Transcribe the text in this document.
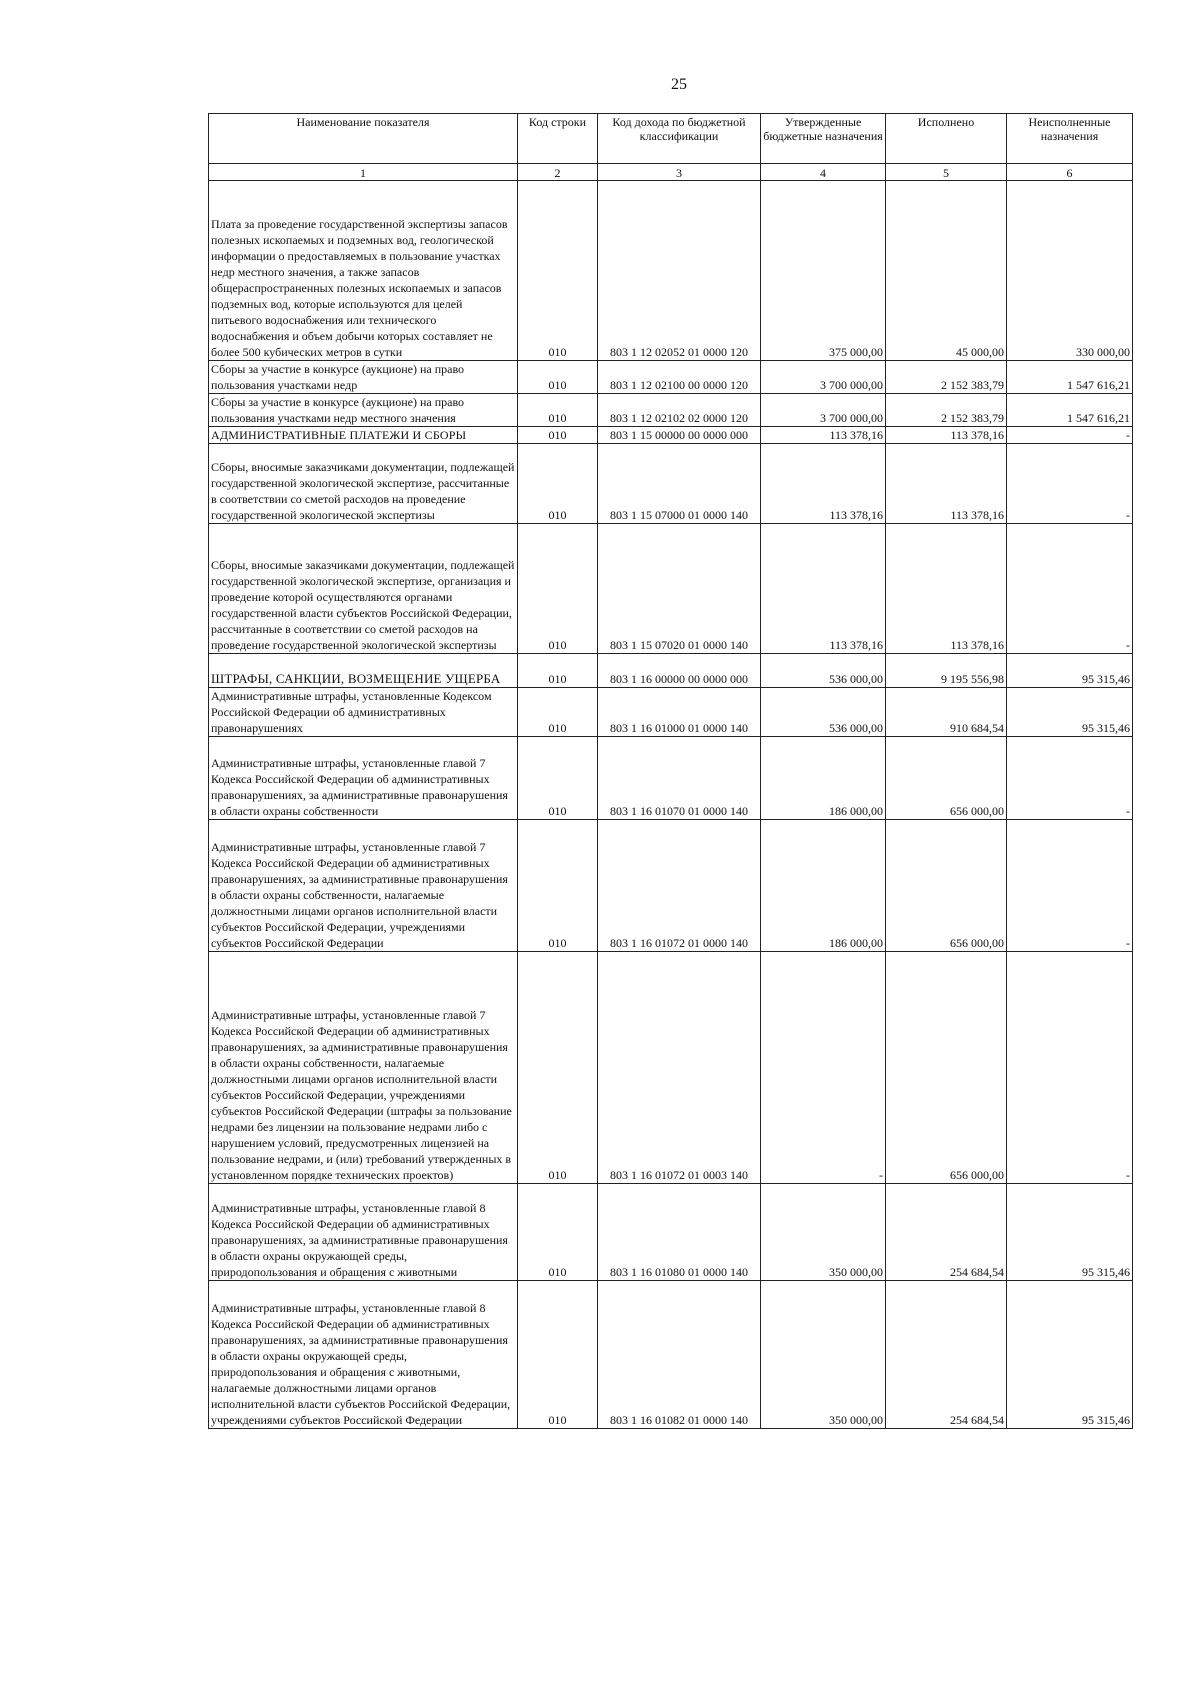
25
Наименование показателя	Код строки	Код дохода по бюджетной классификации	Утвержденные бюджетные назначения	Исполнено	Неисполненные назначения
1	2	3	4	5	6
Плата за проведение государственной экспертизы запасов полезных ископаемых и подземных вод, геологической информации о предоставляемых в пользование участках недр местного значения, а также запасов общераспространенных полезных ископаемых и запасов подземных вод, которые используются для целей питьевого водоснабжения или технического водоснабжения и объем добычи которых составляет не более 500 кубических метров в сутки	010	803 1 12 02052 01 0000 120	375 000,00	45 000,00	330 000,00
Сборы за участие в конкурсе (аукционе) на право пользования участками недр	010	803 1 12 02100 00 0000 120	3 700 000,00	2 152 383,79	1 547 616,21
Сборы за участие в конкурсе (аукционе) на право пользования участками недр местного значения	010	803 1 12 02102 02 0000 120	3 700 000,00	2 152 383,79	1 547 616,21
АДМИНИСТРАТИВНЫЕ ПЛАТЕЖИ И СБОРЫ	010	803 1 15 00000 00 0000 000	113 378,16	113 378,16	-
Сборы, вносимые заказчиками документации, подлежащей государственной экологической экспертизе, рассчитанные в соответствии со сметой расходов на проведение государственной экологической экспертизы	010	803 1 15 07000 01 0000 140	113 378,16	113 378,16	-
Сборы, вносимые заказчиками документации, подлежащей государственной экологической экспертизе, организация и проведение которой осуществляются органами государственной власти субъектов Российской Федерации, рассчитанные в соответствии со сметой расходов на проведение государственной экологической экспертизы	010	803 1 15 07020 01 0000 140	113 378,16	113 378,16	-
ШТРАФЫ, САНКЦИИ, ВОЗМЕЩЕНИЕ УЩЕРБА	010	803 1 16 00000 00 0000 000	536 000,00	9 195 556,98	95 315,46
Административные штрафы, установленные Кодексом Российской Федерации об административных правонарушениях	010	803 1 16 01000 01 0000 140	536 000,00	910 684,54	95 315,46
Административные штрафы, установленные главой 7 Кодекса Российской Федерации об административных правонарушениях, за административные правонарушения в области охраны собственности	010	803 1 16 01070 01 0000 140	186 000,00	656 000,00	-
Административные штрафы, установленные главой 7 Кодекса Российской Федерации об административных правонарушениях, за административные правонарушения в области охраны собственности, налагаемые должностными лицами органов исполнительной власти субъектов Российской Федерации, учреждениями субъектов Российской Федерации	010	803 1 16 01072 01 0000 140	186 000,00	656 000,00	-
Административные штрафы, установленные главой 7 Кодекса Российской Федерации об административных правонарушениях, за административные правонарушения в области охраны собственности, налагаемые должностными лицами органов исполнительной власти субъектов Российской Федерации, учреждениями субъектов Российской Федерации (штрафы за пользование недрами без лицензии на пользование недрами либо с нарушением условий, предусмотренных лицензией на пользование недрами, и (или) требований утвержденных в установленном порядке технических проектов)	010	803 1 16 01072 01 0003 140	-	656 000,00	-
Административные штрафы, установленные главой 8 Кодекса Российской Федерации об административных правонарушениях, за административные правонарушения в области охраны окружающей среды, природопользования и обращения с животными	010	803 1 16 01080 01 0000 140	350 000,00	254 684,54	95 315,46
Административные штрафы, установленные главой 8 Кодекса Российской Федерации об административных правонарушениях, за административные правонарушения в области охраны окружающей среды, природопользования и обращения с животными, налагаемые должностными лицами органов исполнительной власти субъектов Российской Федерации, учреждениями субъектов Российской Федерации	010	803 1 16 01082 01 0000 140	350 000,00	254 684,54	95 315,46
